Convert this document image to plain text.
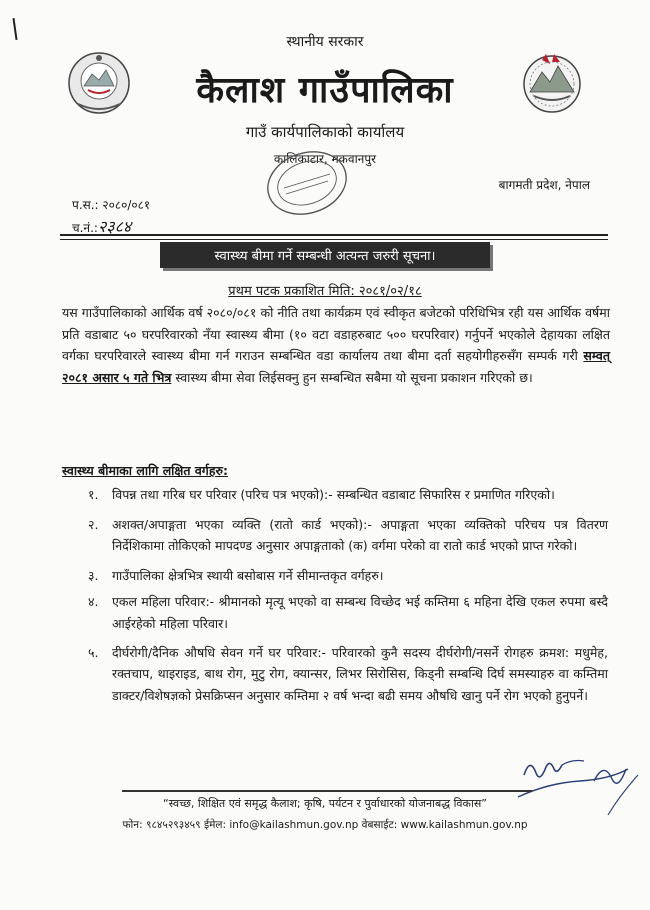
स्थानीय सरकार
कैलाश गाउँपालिका
गाउँ कार्यपालिकाको कार्यालय
कालिकाटार, मकवानपुर
बागमती प्रदेश, नेपाल
प.स.: २०८०/०८१
च.नं.:२३८४
स्वास्थ्य बीमा गर्ने सम्बन्धी अत्यन्त जरुरी सूचना।
प्रथम पटक प्रकाशित मिति: २०८१/०२/१८
यस गाउँपालिकाको आर्थिक वर्ष २०८०/०८१ को नीति तथा कार्यक्रम एवं स्वीकृत बजेटको परिधिभित्र रही यस आर्थिक वर्षमा प्रति वडाबाट ५० घरपरिवारको नँया स्वास्थ्य बीमा (१० वटा वडाहरुबाट ५०० घरपरिवार) गर्नुपर्ने भएकोले देहायका लक्षित वर्गका घरपरिवारले स्वास्थ्य बीमा गर्न गराउन सम्बन्धित वडा कार्यालय तथा बीमा दर्ता सहयोगीहरुसँग सम्पर्क गरी सम्वत् २०८१ असार ५ गते भित्र स्वास्थ्य बीमा सेवा लिईसक्नु हुन सम्बन्धित सबैमा यो सूचना प्रकाशन गरिएको छ।
स्वास्थ्य बीमाका लागि लक्षित वर्गहरु:
१. विपन्न तथा गरिब घर परिवार (परिच पत्र भएको):- सम्बन्धित वडाबाट सिफारिस र प्रमाणित गरिएको।
२. अशक्त/अपाङ्गता भएका व्यक्ति (रातो कार्ड भएको):- अपाङ्गता भएका व्यक्तिको परिचय पत्र वितरण निर्देशिकामा तोकिएको मापदण्ड अनुसार अपाङ्गताको (क) वर्गमा परेको वा रातो कार्ड भएको प्राप्त गरेको।
३. गाउँपालिका क्षेत्रभित्र स्थायी बसोबास गर्ने सीमान्तकृत वर्गहरु।
४. एकल महिला परिवार:- श्रीमानको मृत्यू भएको वा सम्बन्ध विच्छेद भई कम्तिमा ६ महिना देखि एकल रुपमा बस्दै आईरहेको महिला परिवार।
५. दीर्घरोगी/दैनिक औषधि सेवन गर्ने घर परिवार:- परिवारको कुनै सदस्य दीर्घरोगी/नसर्ने रोगहरु क्रमश: मधुमेह, रक्तचाप, थाइराइड, बाथ रोग, मुटु रोग, क्यान्सर, लिभर सिरोसिस, किड्नी सम्बन्धि दिर्घ समस्याहरु वा कम्तिमा डाक्टर/विशेषज्ञको प्रेसक्रिप्सन अनुसार कम्तिमा २ वर्ष भन्दा बढी समय औषधि खानु पर्ने रोग भएको हुनुपर्ने।
“स्वच्छ, शिक्षित एवं समृद्ध कैलाश; कृषि, पर्यटन र पुर्वाधारको योजनाबद्ध विकास”
फोन: ९८४५२९३४५९ ईमेल: info@kailashmun.gov.np वेबसाईट: www.kailashmun.gov.np
